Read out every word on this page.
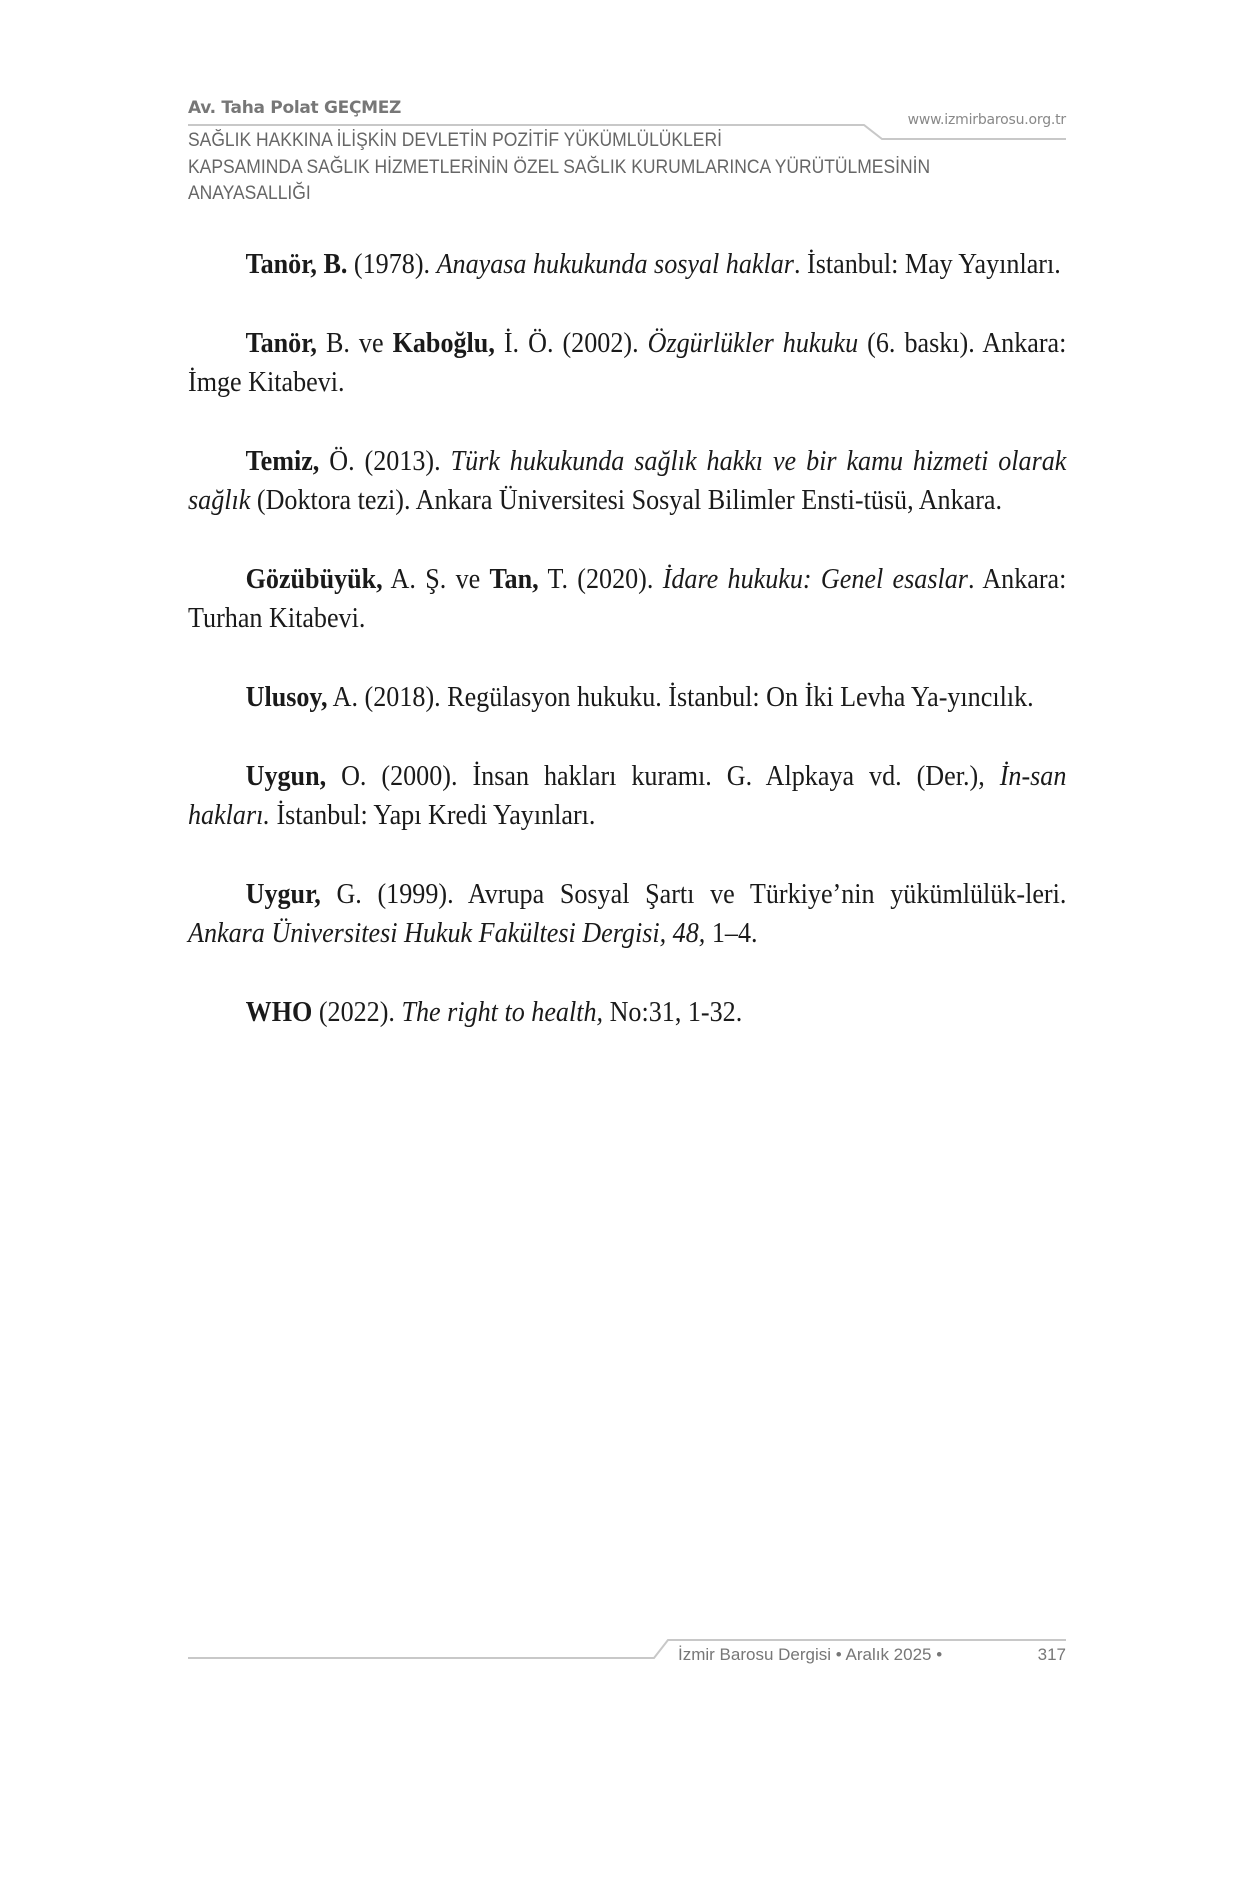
Av. Taha Polat GEÇMEZ
www.izmirbarosu.org.tr
SAĞLIK HAKKINA İLİŞKİN DEVLETİN POZİTİF YÜKÜMLÜLÜKLERİ
KAPSAMINDA SAĞLIK HİZMETLERİNİN ÖZEL SAĞLIK KURUMLARINCA YÜRÜTÜLMESİNİN
ANAYASALLIĞI
Tanör, B. (1978). Anayasa hukukunda sosyal haklar. İstanbul: May Yayınları.
Tanör, B. ve Kaboğlu, İ. Ö. (2002). Özgürlükler hukuku (6. baskı). Ankara: İmge Kitabevi.
Temiz, Ö. (2013). Türk hukukunda sağlık hakkı ve bir kamu hizmeti olarak sağlık (Doktora tezi). Ankara Üniversitesi Sosyal Bilimler Ensti-tüsü, Ankara.
Gözübüyük, A. Ş. ve Tan, T. (2020). İdare hukuku: Genel esaslar. Ankara: Turhan Kitabevi.
Ulusoy, A. (2018). Regülasyon hukuku. İstanbul: On İki Levha Ya-yıncılık.
Uygun, O. (2000). İnsan hakları kuramı. G. Alpkaya vd. (Der.), İn-san hakları. İstanbul: Yapı Kredi Yayınları.
Uygur, G. (1999). Avrupa Sosyal Şartı ve Türkiye’nin yükümlülük-leri. Ankara Üniversitesi Hukuk Fakültesi Dergisi, 48, 1–4.
WHO (2022). The right to health, No:31, 1-32.
İzmir Barosu Dergisi • Aralık 2025 •	317
